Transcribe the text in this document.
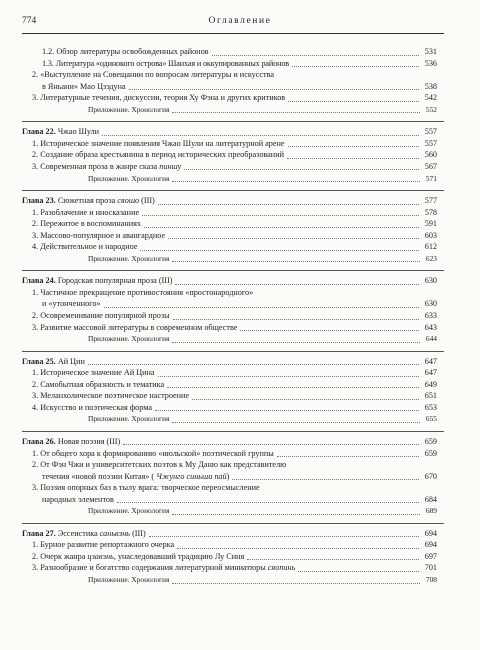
774	Оглавление
1.2. Обзор литературы освобожденных районов	531
1.3. Литература «одинокого острова» Шанхая и оккупированных районов	536
2. «Выступление на Совещании по вопросам литературы и искусства
в Яньани» Мао Цзэдуна	538
3. Литературные течения, дискуссии, теория Ху Фэна и других критиков	542
Приложение. Хронология	552
Глава 22. Чжао Шули	557
1. Историческое значение появления Чжао Шули на литературной арене	557
2. Создание образа крестьянина в период исторических преобразований	560
3. Современная проза в жанре сказа пиншу	567
Приложение. Хронология	571
Глава 23. Сюжетная проза сяошо (III)	577
1. Разоблачение и иносказание	578
2. Пережитое в воспоминаниях	591
3. Массово-популярное и авангардное	603
4. Действительное и народное	612
Приложение. Хронология	623
Глава 24. Городская популярная проза (III)	630
1. Частичное прекращение противостояния «простонародного»
и «утонченного»	630
2. Осовременивание популярной прозы	633
3. Развитие массовой литературы в современном обществе	643
Приложение. Хронология	644
Глава 25. Ай Цин	647
1. Историческое значение Ай Цина	647
2. Самобытная образность и тематика	649
3. Меланхолическое поэтическое настроение	651
4. Искусство и поэтическая форма	653
Приложение. Хронология	655
Глава 26. Новая поэзия (III)	659
1. От общего хора к формированию «июльской» поэтической группы	659
2. От Фэн Чжи и университетских поэтов к Му Даню как представителю
течения «новой поэзии Китая» ( Чжунго синьши пай)	670
3. Поэзия опорных баз в тылу врага: творческое переосмысление
народных элементов	684
Приложение. Хронология	689
Глава 27. Эссеистика саньвэнь (III)	694
1. Бурное развитие репортажного очерка	694
2. Очерк жанра цзавэнь, унаследовавший традицию Лу Синя	697
3. Разнообразие и богатство содержания литературной миниатюры сяопинь	701
Приложение. Хронология	708
